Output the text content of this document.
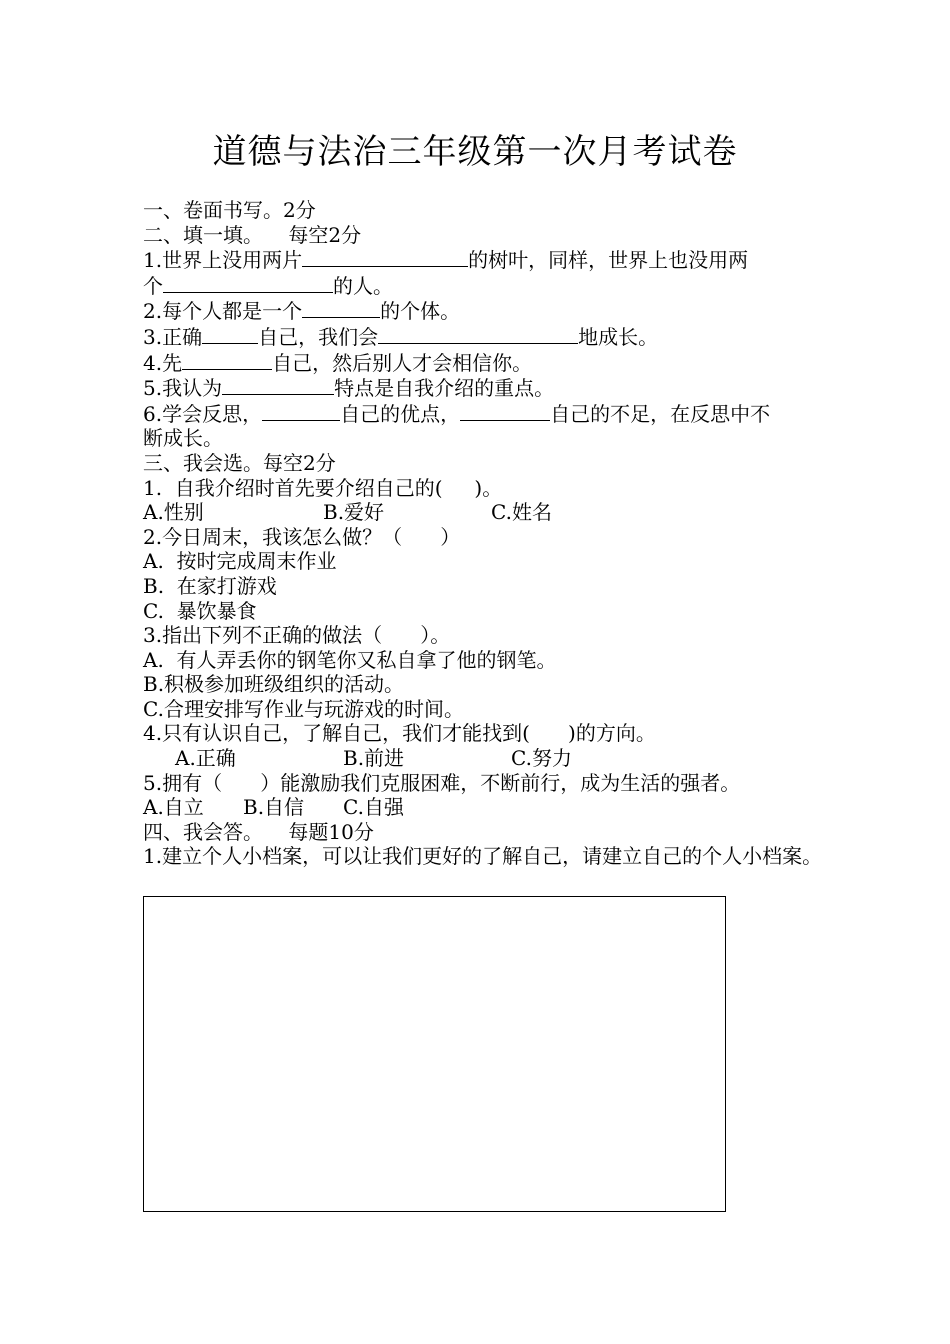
道德与法治三年级第一次月考试卷
一、卷面书写。2分
二、填一填。    每空2分
1.世界上没用两片	的树叶，同样，世界上也没用两
个	的人。
2.每个人都是一个	的个体。
3.正确	自己，我们会	地成长。
4.先	自己，然后别人才会相信你。
5.我认为	特点是自我介绍的重点。
6.学会反思，	自己的优点，	自己的不足，在反思中不
断成长。
三、我会选。每空2分
1.  自我介绍时首先要介绍自己的(     )。
A.性别	B.爱好	C.姓名
2.今日周末，我该怎么做？（      ）
A.  按时完成周末作业
B.  在家打游戏
C.  暴饮暴食
3.指出下列不正确的做法（      ）。
A.  有人弄丢你的钢笔你又私自拿了他的钢笔。
B.积极参加班级组织的活动。
C.合理安排写作业与玩游戏的时间。
4.只有认识自己，了解自己，我们才能找到(      )的方向。
A.正确	B.前进	C.努力
5.拥有（      ）能激励我们克服困难，不断前行，成为生活的强者。
A.自立 B.自信 C.自强
四、我会答。    每题10分
1.建立个人小档案，可以让我们更好的了解自己，请建立自己的个人小档案。
